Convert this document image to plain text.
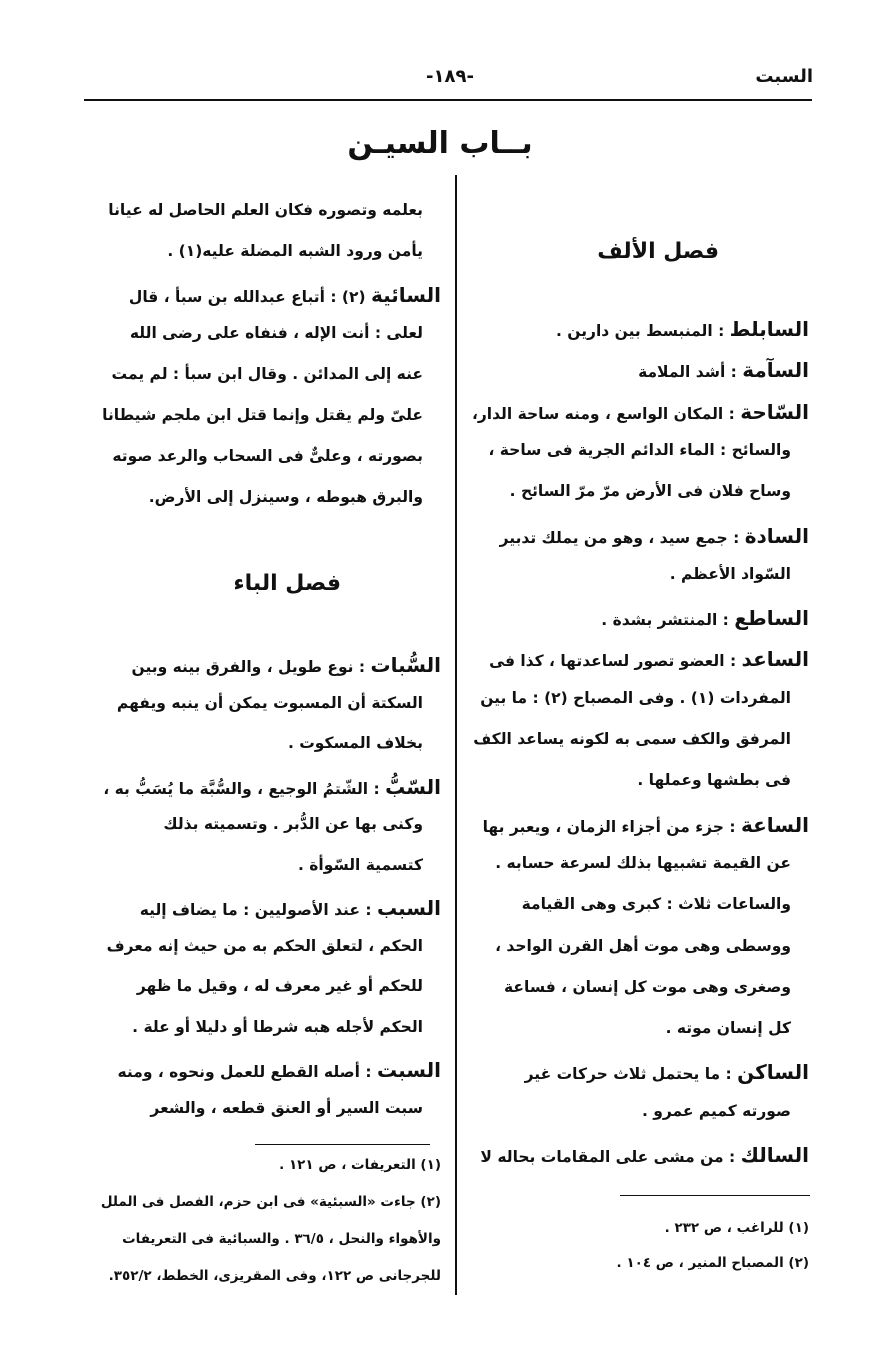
السبت
-١٨٩-
بــاب السيـن
فصل الألف
السابلط : المنبسط بين دارين .
السآمة : أشد الملامة
السّاحة : المكان الواسع ، ومنه ساحة الدار،
والسائح : الماء الدائم الجرية فى ساحة ،
وساح فلان فى الأرض مرّ مرّ السائح .
السادة : جمع سيد ، وهو من يملك تدبير
السّواد الأعظم .
الساطع : المنتشر بشدة .
الساعد : العضو تصور لساعدتها ، كذا فى
المفردات (١) . وفى المصباح (٢) : ما بين
المرفق والكف سمى به لكونه يساعد الكف
فى بطشها وعملها .
الساعة : جزء من أجزاء الزمان ، ويعبر بها
عن القيمة تشبيها بذلك لسرعة حسابه .
والساعات ثلاث : كبرى وهى القيامة
ووسطى وهى موت أهل القرن الواحد ،
وصغرى وهى موت كل إنسان ، فساعة
كل إنسان موته .
الساكن : ما يحتمل ثلاث حركات غير
صورته كميم عمرو .
السالك : من مشى على المقامات بحاله لا
بعلمه وتصوره فكان العلم الحاصل له عيانا
يأمن ورود الشبه المضلة عليه(١) .
السائية (٢) : أتباع عبدالله بن سبأ ، قال
لعلى : أنت الإله ، فنفاه على رضى الله
عنه إلى المدائن . وقال ابن سبأ : لم يمت
علىّ ولم يقتل وإنما قتل ابن ملجم شيطانا
بصورته ، وعلىٌّ فى السحاب والرعد صوته
والبرق هبوطه ، وسينزل إلى الأرض.
فصل الباء
السُّبات : نوع طويل ، والفرق بينه وبين
السكتة أن المسبوت يمكن أن ينبه ويفهم
بخلاف المسكوت .
السّبُّ : الشّتمُ الوجيع ، والسُّبَّة ما يُسَبُّ به ،
وكنى بها عن الدُّبر . وتسميته بذلك
كتسمية السّوأة .
السبب : عند الأصوليين : ما يضاف إليه
الحكم ، لتعلق الحكم به من حيث إنه معرف
للحكم أو غير معرف له ، وقيل ما ظهر
الحكم لأجله هبه شرطا أو دليلا أو علة .
السبت : أصله القطع للعمل ونحوه ، ومنه
سبت السير أو العنق قطعه ، والشعر
(١) للراغب ، ص ٢٣٢ .
(٢) المصباح المنير ، ص ١٠٤ .
(١) التعريفات ، ص ١٢١ .
(٢) جاءت «السبئية» فى ابن حزم، الفصل فى الملل
والأهواء والنحل ، ٣٦/٥ . والسبائية فى التعريفات
للجرجانى ص ١٢٢، وفى المقريزى، الخطط، ٣٥٢/٢.
